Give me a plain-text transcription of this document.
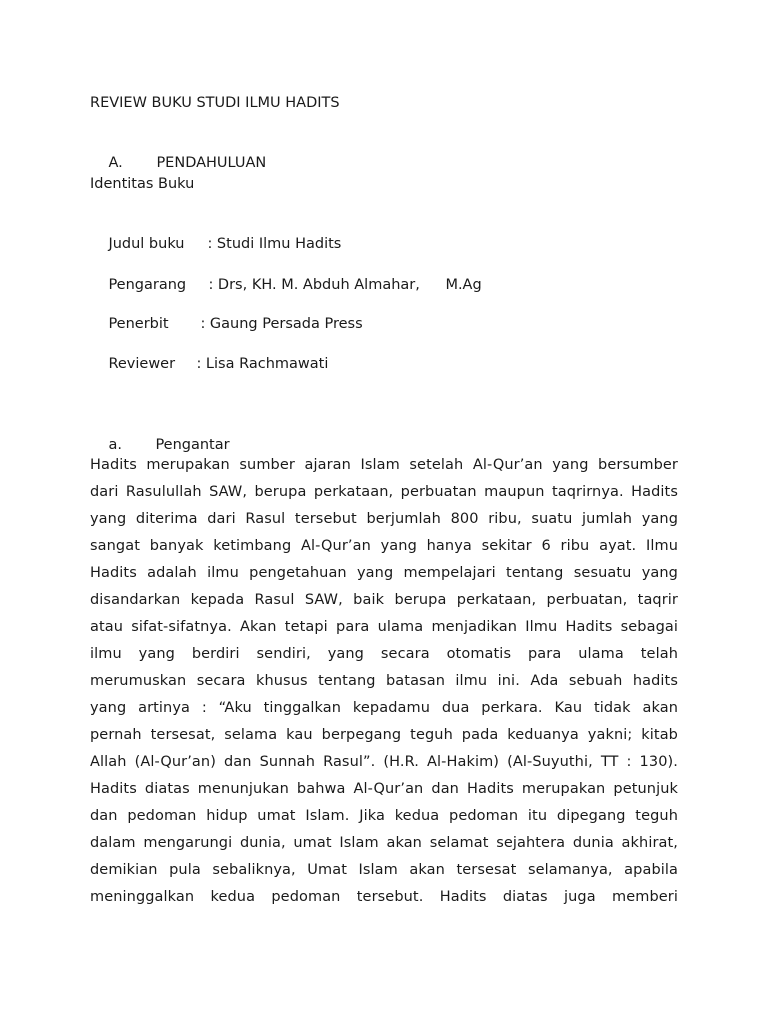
REVIEW BUKU STUDI ILMU HADITS

A. PENDAHULUAN

Identitas Buku

Judul buku : Studi Ilmu Hadits

Pengarang : Drs, KH. M. Abduh Almahar, M.Ag

Penerbit : Gaung Persada Press

Reviewer : Lisa Rachmawati

a. Pengantar

Hadits merupakan sumber ajaran Islam setelah Al-Qur’an yang bersumber
dari Rasulullah SAW, berupa perkataan, perbuatan maupun taqrirnya. Hadits
yang diterima dari Rasul tersebut berjumlah 800 ribu, suatu jumlah yang
sangat banyak ketimbang Al-Qur’an yang hanya sekitar 6 ribu ayat. Ilmu
Hadits adalah ilmu pengetahuan yang mempelajari tentang sesuatu yang
disandarkan kepada Rasul SAW, baik berupa perkataan, perbuatan, taqrir
atau sifat-sifatnya. Akan tetapi para ulama menjadikan Ilmu Hadits sebagai
ilmu yang berdiri sendiri, yang secara otomatis para ulama telah
merumuskan secara khusus tentang batasan ilmu ini. Ada sebuah hadits
yang artinya : “Aku tinggalkan kepadamu dua perkara. Kau tidak akan
pernah tersesat, selama kau berpegang teguh pada keduanya yakni; kitab
Allah (Al-Qur’an) dan Sunnah Rasul”. (H.R. Al-Hakim) (Al-Suyuthi, TT : 130).
Hadits diatas menunjukan bahwa Al-Qur’an dan Hadits merupakan petunjuk
dan pedoman hidup umat Islam. Jika kedua pedoman itu dipegang teguh
dalam mengarungi dunia, umat Islam akan selamat sejahtera dunia akhirat,
demikian pula sebaliknya, Umat Islam akan tersesat selamanya, apabila
meninggalkan kedua pedoman tersebut. Hadits diatas juga memberi
